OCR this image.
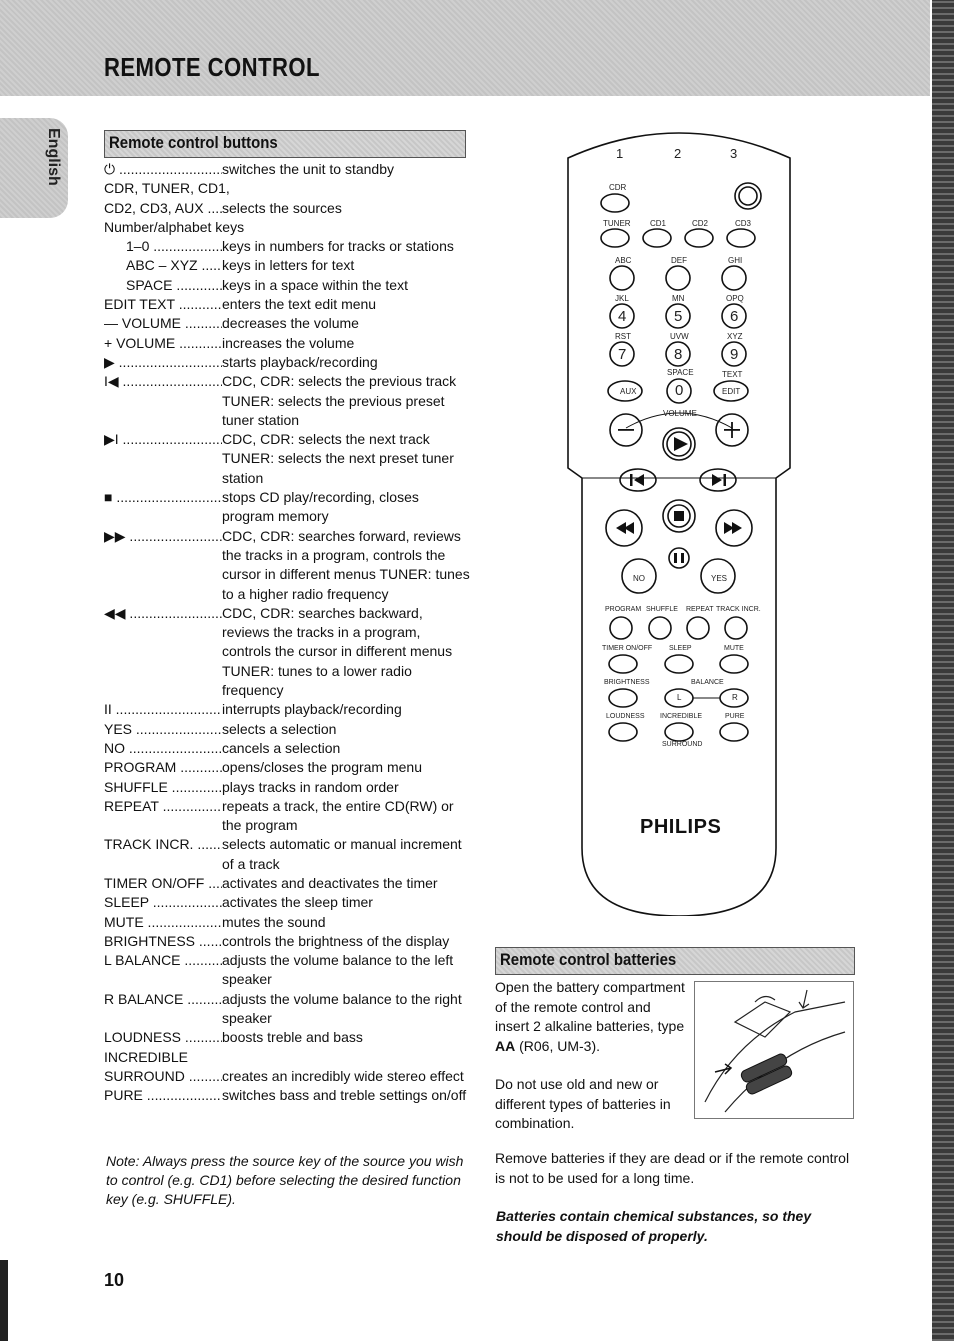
REMOTE CONTROL
English	Remote control buttons
⏻ .....	switches the unit to standby
CDR, TUNER, CD1,
CD2, CD3, AUX .....	selects the sources
Number/alphabet keys
1–0 .....	keys in numbers for tracks or stations
ABC – XYZ .....	keys in letters for text
SPACE .....	keys in a space within the text
EDIT TEXT .....	enters the text edit menu
— VOLUME .....	decreases the volume
+ VOLUME .....	increases the volume
▶ .....	starts playback/recording
I◀ .....	CDC, CDR: selects the previous track TUNER: selects the previous preset tuner station
▶I .....	CDC, CDR: selects the next track TUNER: selects the next preset tuner station
■ .....	stops CD play/recording, closes program memory
▶▶ .....	CDC, CDR: searches forward, reviews the tracks in a program, controls the cursor in different menus TUNER: tunes to a higher radio frequency
◀◀ .....	CDC, CDR: searches backward, reviews the tracks in a program, controls the cursor in different menus TUNER: tunes to a lower radio frequency
II .....	interrupts playback/recording
YES .....	selects a selection
NO .....	cancels a selection
PROGRAM .....	opens/closes the program menu
SHUFFLE .....	plays tracks in random order
REPEAT .....	repeats a track, the entire CD(RW) or the program
TRACK INCR. .....	selects automatic or manual increment of a track
TIMER ON/OFF .....	activates and deactivates the timer
SLEEP .....	activates the sleep timer
MUTE .....	mutes the sound
BRIGHTNESS .....	controls the brightness of the display
L BALANCE .....	adjusts the volume balance to the left speaker
R BALANCE .....	adjusts the volume balance to the right speaker
LOUDNESS .....	boosts treble and bass
INCREDIBLE
SURROUND .....	creates an incredibly wide stereo effect
PURE .....	switches bass and treble settings on/off
Note: Always press the source key of the source you wish to control (e.g. CD1) before selecting the desired function key (e.g. SHUFFLE).
CDR
TUNER CD1	CD2	CD3
ABC	DEF	GHI
JKL	MN	OPQ
RST	UVW	XYZ
SPACE	TEXT
1	2	3
4	5	6
7	8	9
0
AUX	EDIT
VOLUME
NO	YES
PROGRAM SHUFFLE REPEAT TRACK INCR.
TIMER ON/OFF SLEEP	MUTE
BRIGHTNESS	BALANCE
L	R
LOUDNESS INCREDIBLE	PURE
SURROUND
PHILIPS
Remote control batteries
Open the battery compartment of the remote control and insert 2 alkaline batteries, type AA (R06, UM-3).
Do not use old and new or different types of batteries in combination.
Remove batteries if they are dead or if the remote control is not to be used for a long time.
Batteries contain chemical substances, so they should be disposed of properly.
10
